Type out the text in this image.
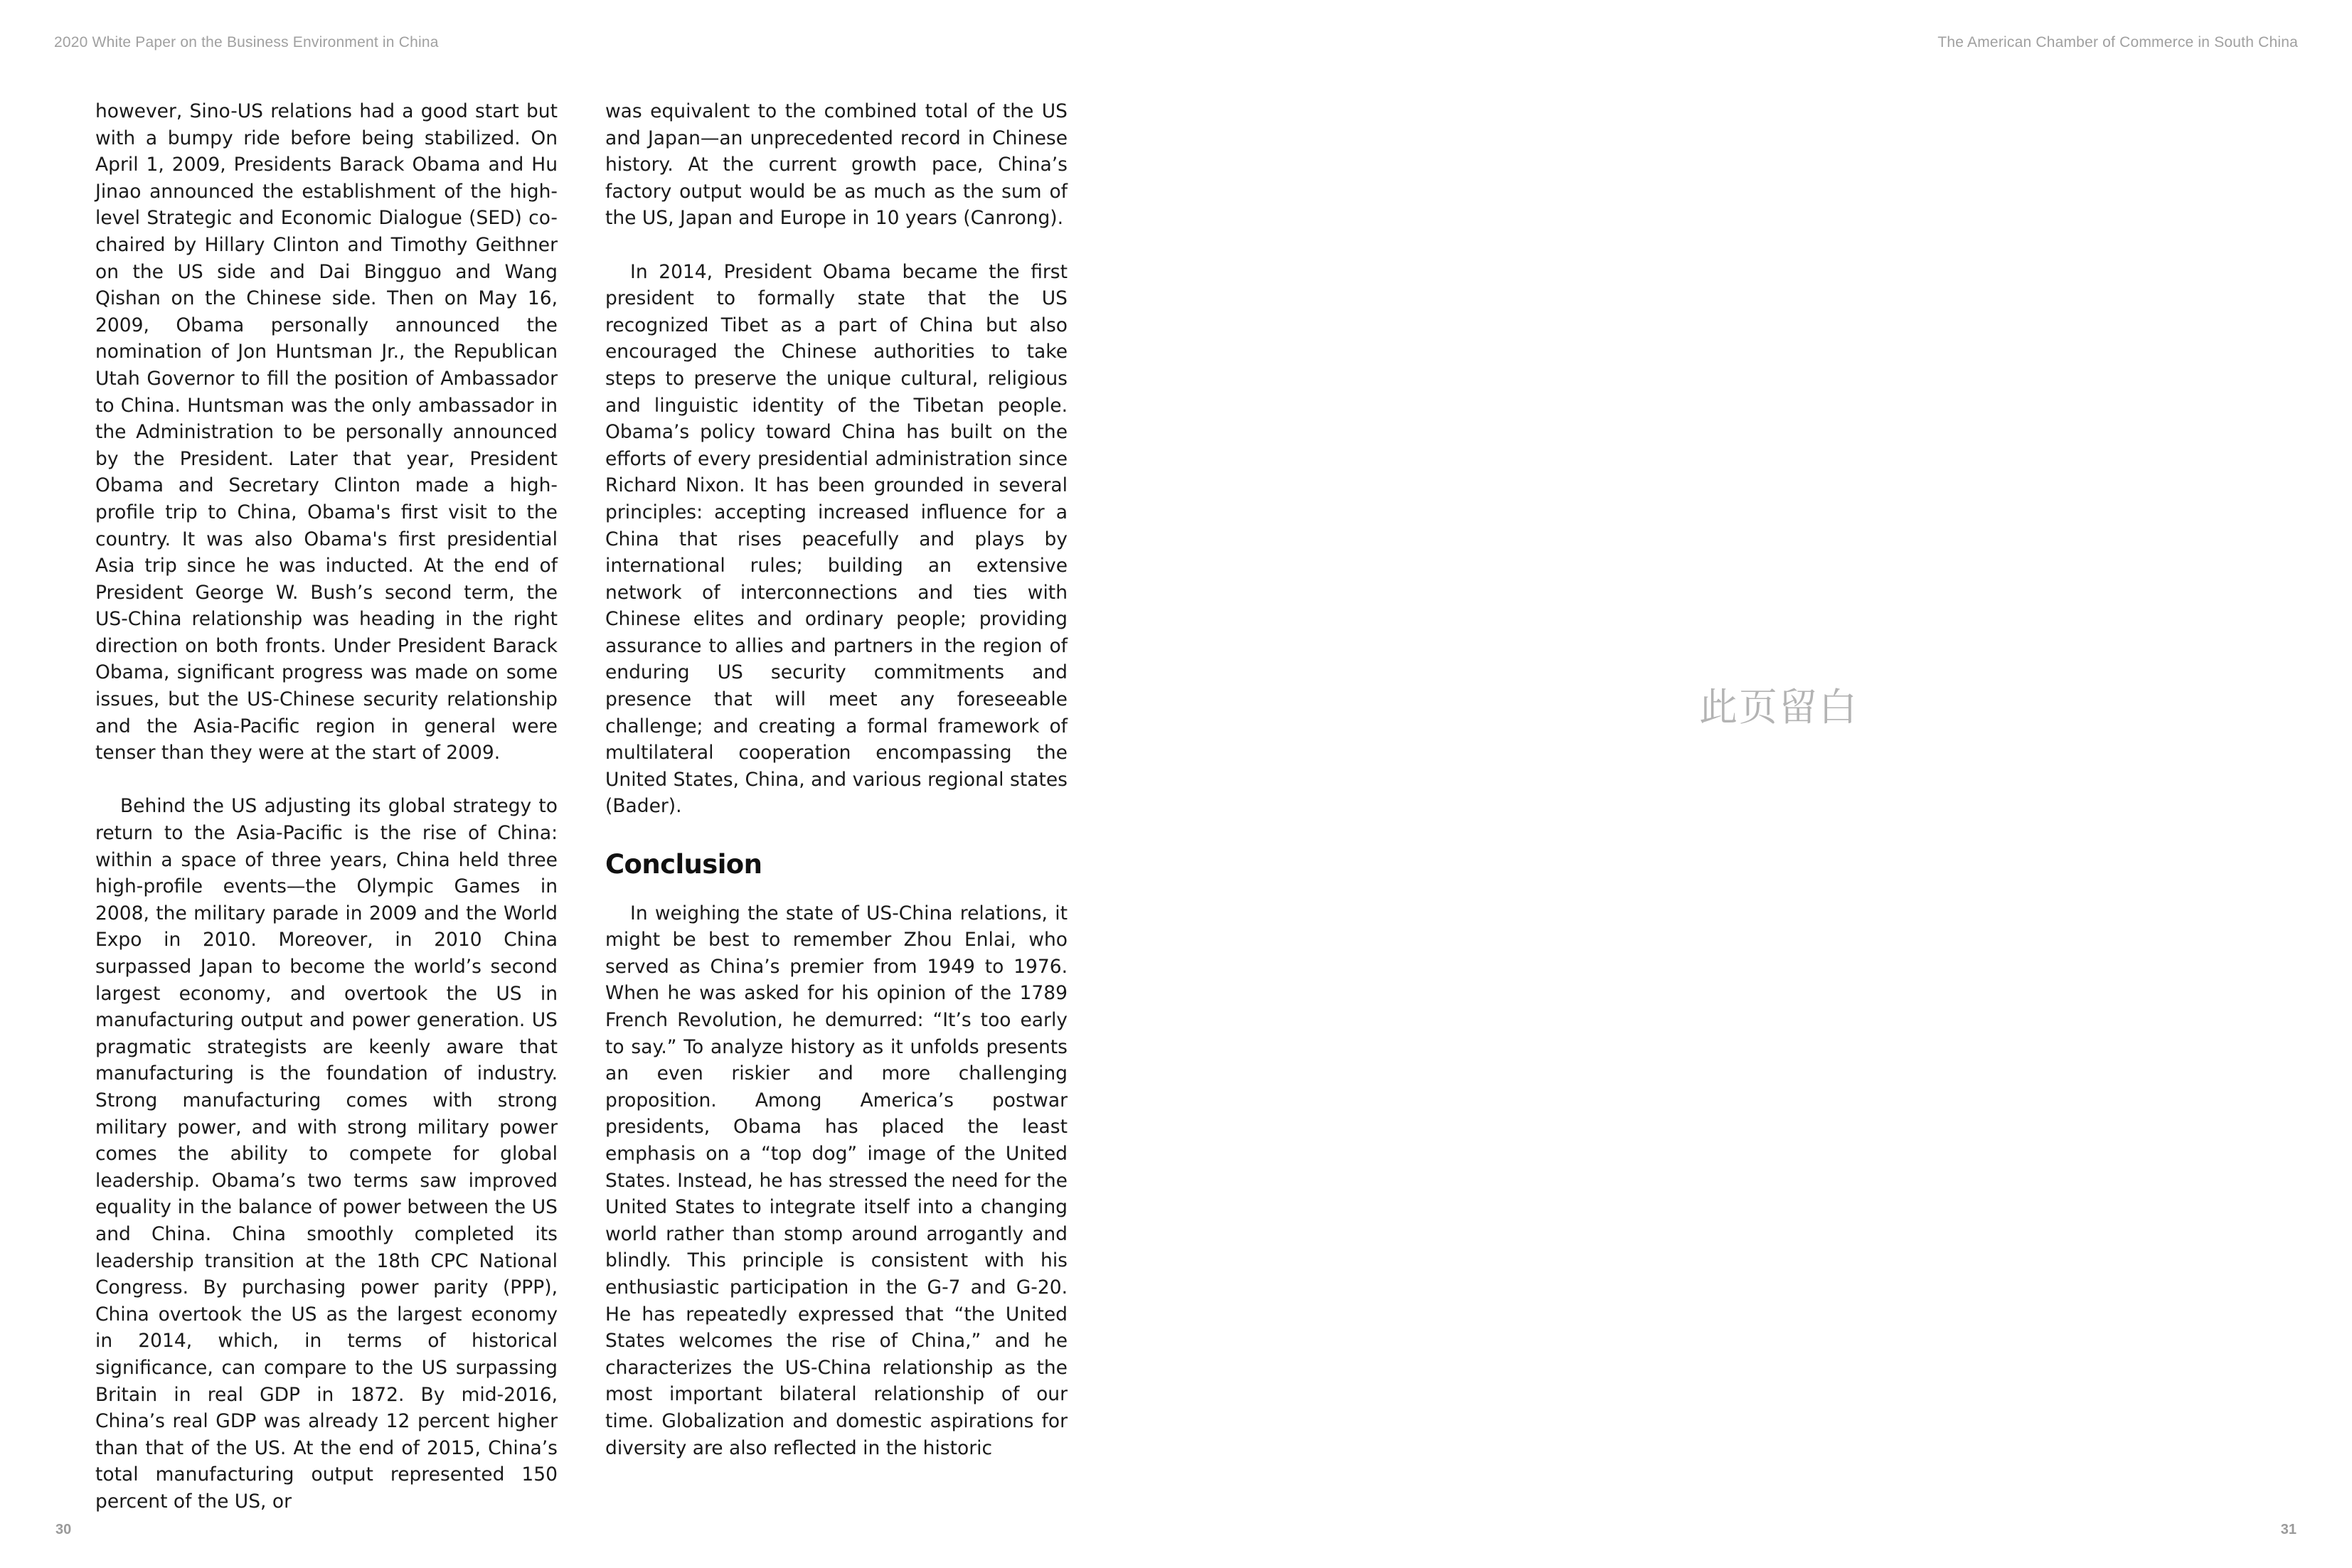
2020 White Paper on the Business Environment in China	The American Chamber of Commerce in South China

however, Sino-US relations had a good start but with a bumpy ride before being stabilized. On April 1, 2009, Presidents Barack Obama and Hu Jinao announced the establishment of the high-level Strategic and Economic Dialogue (SED) co-chaired by Hillary Clinton and Timothy Geithner on the US side and Dai Bingguo and Wang Qishan on the Chinese side. Then on May 16, 2009, Obama personally announced the nomination of Jon Huntsman Jr., the Republican Utah Governor to fill the position of Ambassador to China. Huntsman was the only ambassador in the Administration to be personally announced by the President. Later that year, President Obama and Secretary Clinton made a high-profile trip to China, Obama's first visit to the country. It was also Obama's first presidential Asia trip since he was inducted. At the end of President George W. Bush’s second term, the US-China relationship was heading in the right direction on both fronts. Under President Barack Obama, significant progress was made on some issues, but the US-Chinese security relationship and the Asia-Pacific region in general were tenser than they were at the start of 2009.

Behind the US adjusting its global strategy to return to the Asia-Pacific is the rise of China: within a space of three years, China held three high-profile events—the Olympic Games in 2008, the military parade in 2009 and the World Expo in 2010. Moreover, in 2010 China surpassed Japan to become the world’s second largest economy, and overtook the US in manufacturing output and power generation. US pragmatic strategists are keenly aware that manufacturing is the foundation of industry. Strong manufacturing comes with strong military power, and with strong military power comes the ability to compete for global leadership. Obama’s two terms saw improved equality in the balance of power between the US and China. China smoothly completed its leadership transition at the 18th CPC National Congress. By purchasing power parity (PPP), China overtook the US as the largest economy in 2014, which, in terms of historical significance, can compare to the US surpassing Britain in real GDP in 1872. By mid-2016, China’s real GDP was already 12 percent higher than that of the US. At the end of 2015, China’s total manufacturing output represented 150 percent of the US, or

was equivalent to the combined total of the US and Japan—an unprecedented record in Chinese history. At the current growth pace, China’s factory output would be as much as the sum of the US, Japan and Europe in 10 years (Canrong).

In 2014, President Obama became the first president to formally state that the US recognized Tibet as a part of China but also encouraged the Chinese authorities to take steps to preserve the unique cultural, religious and linguistic identity of the Tibetan people. Obama’s policy toward China has built on the efforts of every presidential administration since Richard Nixon. It has been grounded in several principles: accepting increased influence for a China that rises peacefully and plays by international rules; building an extensive network of interconnections and ties with Chinese elites and ordinary people; providing assurance to allies and partners in the region of enduring US security commitments and presence that will meet any foreseeable challenge; and creating a formal framework of multilateral cooperation encompassing the United States, China, and various regional states (Bader).

Conclusion

In weighing the state of US-China relations, it might be best to remember Zhou Enlai, who served as China’s premier from 1949 to 1976. When he was asked for his opinion of the 1789 French Revolution, he demurred: “It’s too early to say.” To analyze history as it unfolds presents an even riskier and more challenging proposition. Among America’s postwar presidents, Obama has placed the least emphasis on a “top dog” image of the United States. Instead, he has stressed the need for the United States to integrate itself into a changing world rather than stomp around arrogantly and blindly. This principle is consistent with his enthusiastic participation in the G-7 and G-20. He has repeatedly expressed that “the United States welcomes the rise of China,” and he characterizes the US-China relationship as the most important bilateral relationship of our time. Globalization and domestic aspirations for diversity are also reflected in the historic

此页留白

30	31
